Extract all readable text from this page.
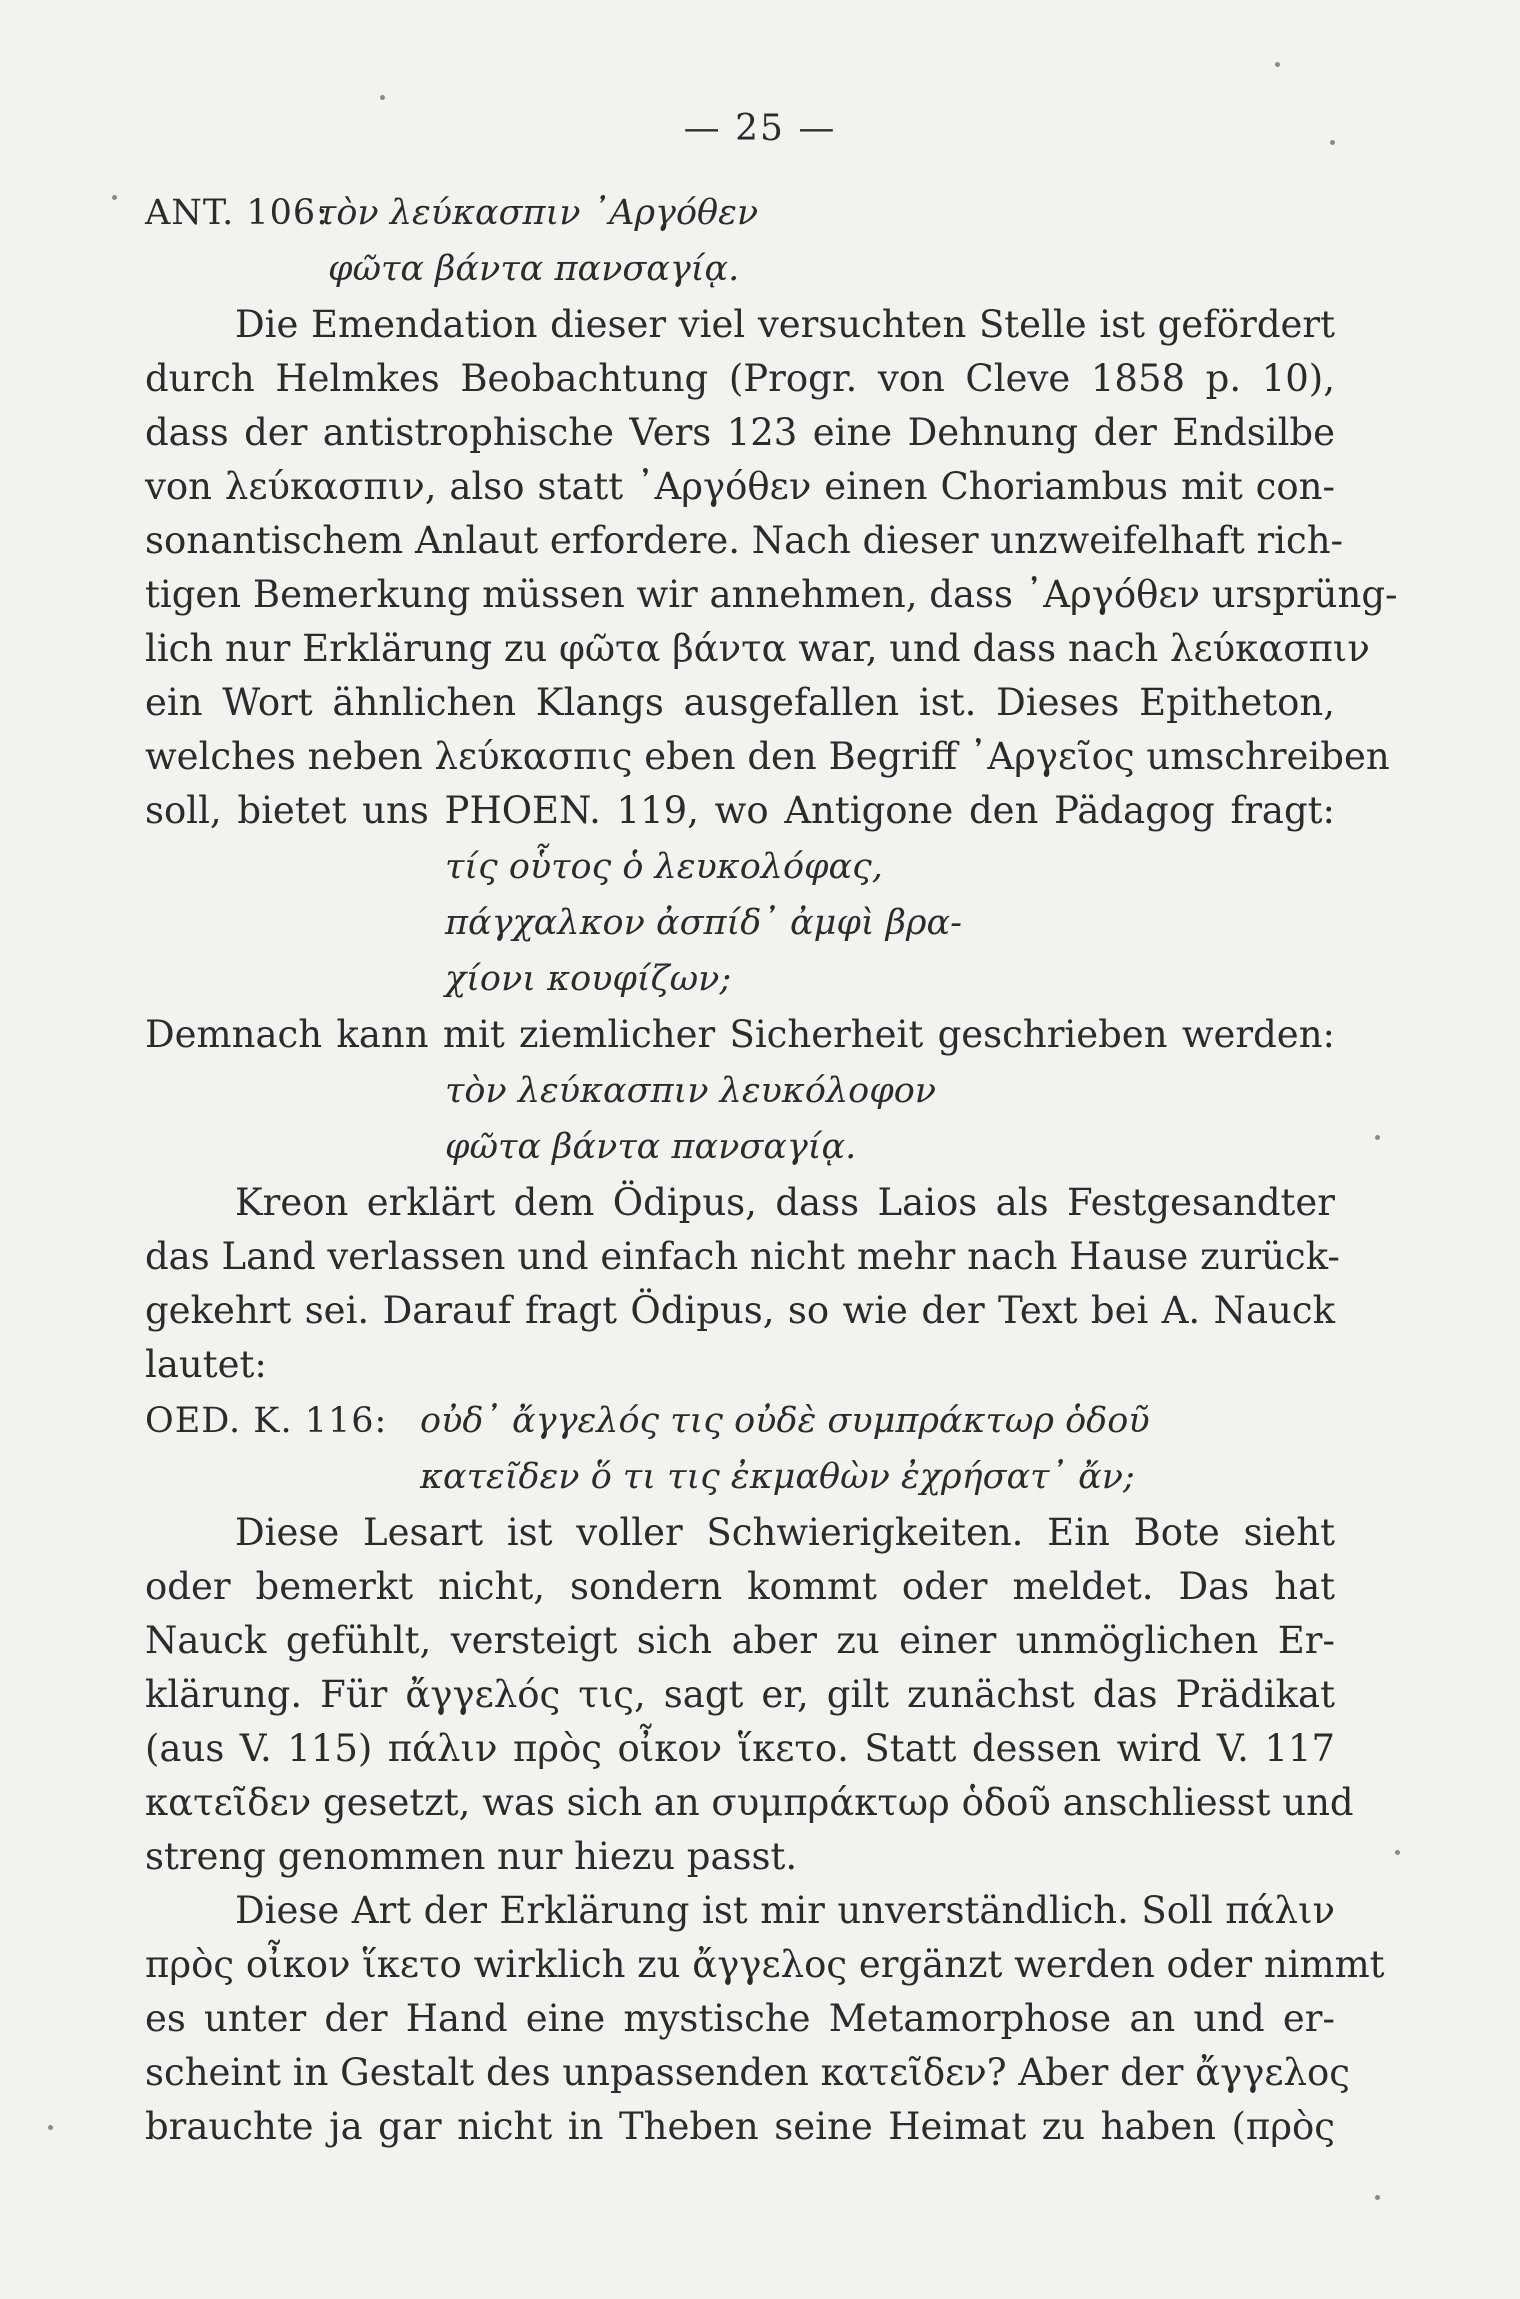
— 25 —
ANT. 106:
τὸν λεύκασπιν ᾿Αργόθεν
φῶτα βάντα πανσαγίᾳ.
Die Emendation dieser viel versuchten Stelle ist gefördert
durch Helmkes Beobachtung (Progr. von Cleve 1858 p. 10),
dass der antistrophische Vers 123 eine Dehnung der Endsilbe
von λεύκασπιν, also statt ᾿Αργόθεν einen Choriambus mit con-
sonantischem Anlaut erfordere. Nach dieser unzweifelhaft rich-
tigen Bemerkung müssen wir annehmen, dass ᾿Αργόθεν ursprüng-
lich nur Erklärung zu φῶτα βάντα war, und dass nach λεύκασπιν
ein Wort ähnlichen Klangs ausgefallen ist. Dieses Epitheton,
welches neben λεύκασπις eben den Begriff ᾿Αργεῖος umschreiben
soll, bietet uns PHOEN. 119, wo Antigone den Pädagog fragt:
τίς οὗτος ὁ λευκολόφας,
πάγχαλκον ἀσπίδ᾿ ἀμφὶ βρα-
χίονι κουφίζων;
Demnach kann mit ziemlicher Sicherheit geschrieben werden:
τὸν λεύκασπιν λευκόλοφον
φῶτα βάντα πανσαγίᾳ.
Kreon erklärt dem Ödipus, dass Laios als Festgesandter
das Land verlassen und einfach nicht mehr nach Hause zurück-
gekehrt sei. Darauf fragt Ödipus, so wie der Text bei A. Nauck
lautet:
OED. K. 116: οὐδ᾿ ἄγγελός τις οὐδὲ συμπράκτωρ ὁδοῦ
κατεῖδεν ὅ τι τις ἐκμαθὼν ἐχρήσατ᾿ ἄν;
Diese Lesart ist voller Schwierigkeiten. Ein Bote sieht
oder bemerkt nicht, sondern kommt oder meldet. Das hat
Nauck gefühlt, versteigt sich aber zu einer unmöglichen Er-
klärung. Für ἄγγελός τις, sagt er, gilt zunächst das Prädikat
(aus V. 115) πάλιν πρὸς οἶκον ἵκετο. Statt dessen wird V. 117
κατεῖδεν gesetzt, was sich an συμπράκτωρ ὁδοῦ anschliesst und
streng genommen nur hiezu passt.
Diese Art der Erklärung ist mir unverständlich. Soll πάλιν
πρὸς οἶκον ἵκετο wirklich zu ἄγγελος ergänzt werden oder nimmt
es unter der Hand eine mystische Metamorphose an und er-
scheint in Gestalt des unpassenden κατεῖδεν? Aber der ἄγγελος
brauchte ja gar nicht in Theben seine Heimat zu haben (πρὸς
